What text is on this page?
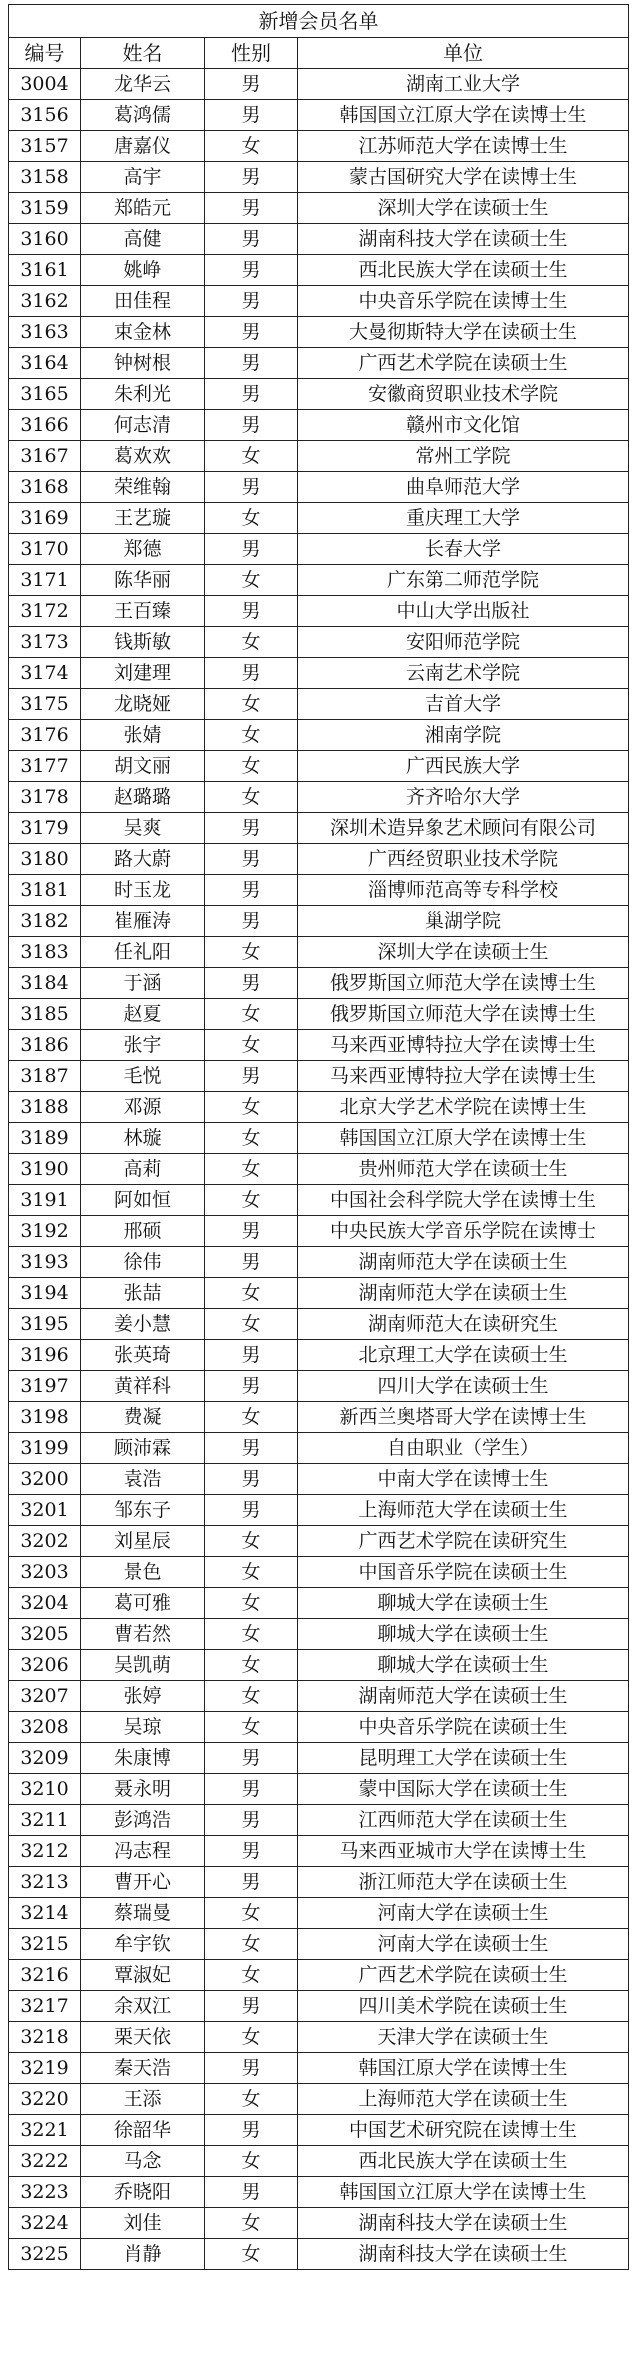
新增会员名单			
编号	姓名	性别	单位
3004	龙华云	男	湖南工业大学
3156	葛鸿儒	男	韩国国立江原大学在读博士生
3157	唐嘉仪	女	江苏师范大学在读博士生
3158	高宇	男	蒙古国研究大学在读博士生
3159	郑皓元	男	深圳大学在读硕士生
3160	高健	男	湖南科技大学在读硕士生
3161	姚峥	男	西北民族大学在读硕士生
3162	田佳程	男	中央音乐学院在读博士生
3163	束金林	男	大曼彻斯特大学在读硕士生
3164	钟树根	男	广西艺术学院在读硕士生
3165	朱利光	男	安徽商贸职业技术学院
3166	何志清	男	赣州市文化馆
3167	葛欢欢	女	常州工学院
3168	荣维翰	男	曲阜师范大学
3169	王艺璇	女	重庆理工大学
3170	郑德	男	长春大学
3171	陈华丽	女	广东第二师范学院
3172	王百臻	男	中山大学出版社
3173	钱斯敏	女	安阳师范学院
3174	刘建理	男	云南艺术学院
3175	龙晓娅	女	吉首大学
3176	张婧	女	湘南学院
3177	胡文丽	女	广西民族大学
3178	赵璐璐	女	齐齐哈尔大学
3179	吴爽	男	深圳术造异象艺术顾问有限公司
3180	路大蔚	男	广西经贸职业技术学院
3181	时玉龙	男	淄博师范高等专科学校
3182	崔雁涛	男	巢湖学院
3183	任礼阳	女	深圳大学在读硕士生
3184	于涵	男	俄罗斯国立师范大学在读博士生
3185	赵夏	女	俄罗斯国立师范大学在读博士生
3186	张宇	女	马来西亚博特拉大学在读博士生
3187	毛悦	男	马来西亚博特拉大学在读博士生
3188	邓源	女	北京大学艺术学院在读博士生
3189	林璇	女	韩国国立江原大学在读博士生
3190	高莉	女	贵州师范大学在读硕士生
3191	阿如恒	女	中国社会科学院大学在读博士生
3192	邢硕	男	中央民族大学音乐学院在读博士
3193	徐伟	男	湖南师范大学在读硕士生
3194	张喆	女	湖南师范大学在读硕士生
3195	姜小慧	女	湖南师范大在读研究生
3196	张英琦	男	北京理工大学在读硕士生
3197	黄祥科	男	四川大学在读硕士生
3198	费凝	女	新西兰奥塔哥大学在读博士生
3199	顾沛霖	男	自由职业（学生）
3200	袁浩	男	中南大学在读博士生
3201	邹东子	男	上海师范大学在读硕士生
3202	刘星辰	女	广西艺术学院在读研究生
3203	景色	女	中国音乐学院在读硕士生
3204	葛可雅	女	聊城大学在读硕士生
3205	曹若然	女	聊城大学在读硕士生
3206	吴凯萌	女	聊城大学在读硕士生
3207	张婷	女	湖南师范大学在读硕士生
3208	吴琼	女	中央音乐学院在读硕士生
3209	朱康博	男	昆明理工大学在读硕士生
3210	聂永明	男	蒙中国际大学在读硕士生
3211	彭鸿浩	男	江西师范大学在读硕士生
3212	冯志程	男	马来西亚城市大学在读博士生
3213	曹开心	男	浙江师范大学在读硕士生
3214	蔡瑞曼	女	河南大学在读硕士生
3215	牟宇钦	女	河南大学在读硕士生
3216	覃淑妃	女	广西艺术学院在读硕士生
3217	余双江	男	四川美术学院在读硕士生
3218	栗天依	女	天津大学在读硕士生
3219	秦天浩	男	韩国江原大学在读博士生
3220	王添	女	上海师范大学在读硕士生
3221	徐韶华	男	中国艺术研究院在读博士生
3222	马念	女	西北民族大学在读硕士生
3223	乔晓阳	男	韩国国立江原大学在读博士生
3224	刘佳	女	湖南科技大学在读硕士生
3225	肖静	女	湖南科技大学在读硕士生
